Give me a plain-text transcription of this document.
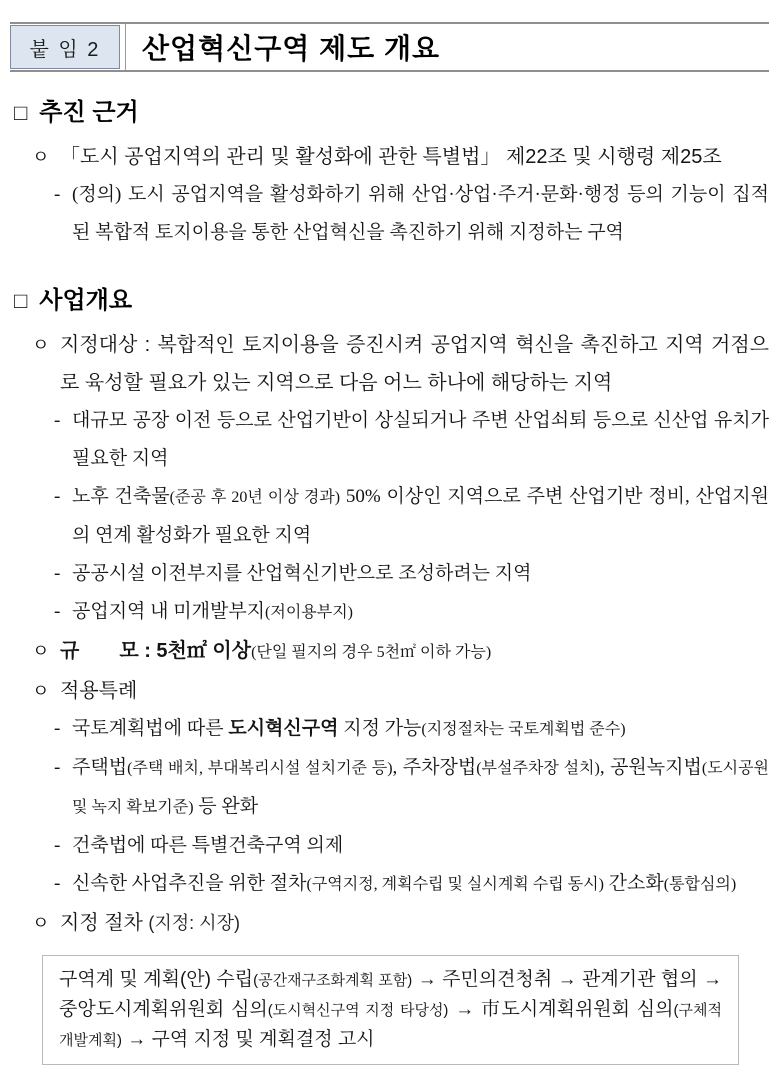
붙 임 2	산업혁신구역 제도 개요
□ 추진 근거
ㅇ 「도시 공업지역의 관리 및 활성화에 관한 특별법」 제22조 및 시행령 제25조
- (정의) 도시 공업지역을 활성화하기 위해 산업·상업·주거·문화·행정 등의 기능이 집적된 복합적 토지이용을 통한 산업혁신을 촉진하기 위해 지정하는 구역
□ 사업개요
ㅇ 지정대상 : 복합적인 토지이용을 증진시켜 공업지역 혁신을 촉진하고 지역 거점으로 육성할 필요가 있는 지역으로 다음 어느 하나에 해당하는 지역
- 대규모 공장 이전 등으로 산업기반이 상실되거나 주변 산업쇠퇴 등으로 신산업 유치가 필요한 지역
- 노후 건축물(준공 후 20년 이상 경과) 50% 이상인 지역으로 주변 산업기반 정비, 산업지원의 연계 활성화가 필요한 지역
- 공공시설 이전부지를 산업혁신기반으로 조성하려는 지역
- 공업지역 내 미개발부지(저이용부지)
ㅇ 규　　모 : 5천㎡ 이상(단일 필지의 경우 5천㎡ 이하 가능)
ㅇ 적용특례
- 국토계획법에 따른 도시혁신구역 지정 가능(지정절차는 국토계획법 준수)
- 주택법(주택 배치, 부대복리시설 설치기준 등), 주차장법(부설주차장 설치), 공원녹지법(도시공원 및 녹지 확보기준) 등 완화
- 건축법에 따른 특별건축구역 의제
- 신속한 사업추진을 위한 절차(구역지정, 계획수립 및 실시계획 수립 동시) 간소화(통합심의)
ㅇ 지정 절차 (지정: 시장)
구역계 및 계획(안) 수립(공간재구조화계획 포함) → 주민의견청취 → 관계기관 협의 → 중앙도시계획위원회 심의(도시혁신구역 지정 타당성) → 市도시계획위원회 심의(구체적 개발계획) → 구역 지정 및 계획결정 고시
